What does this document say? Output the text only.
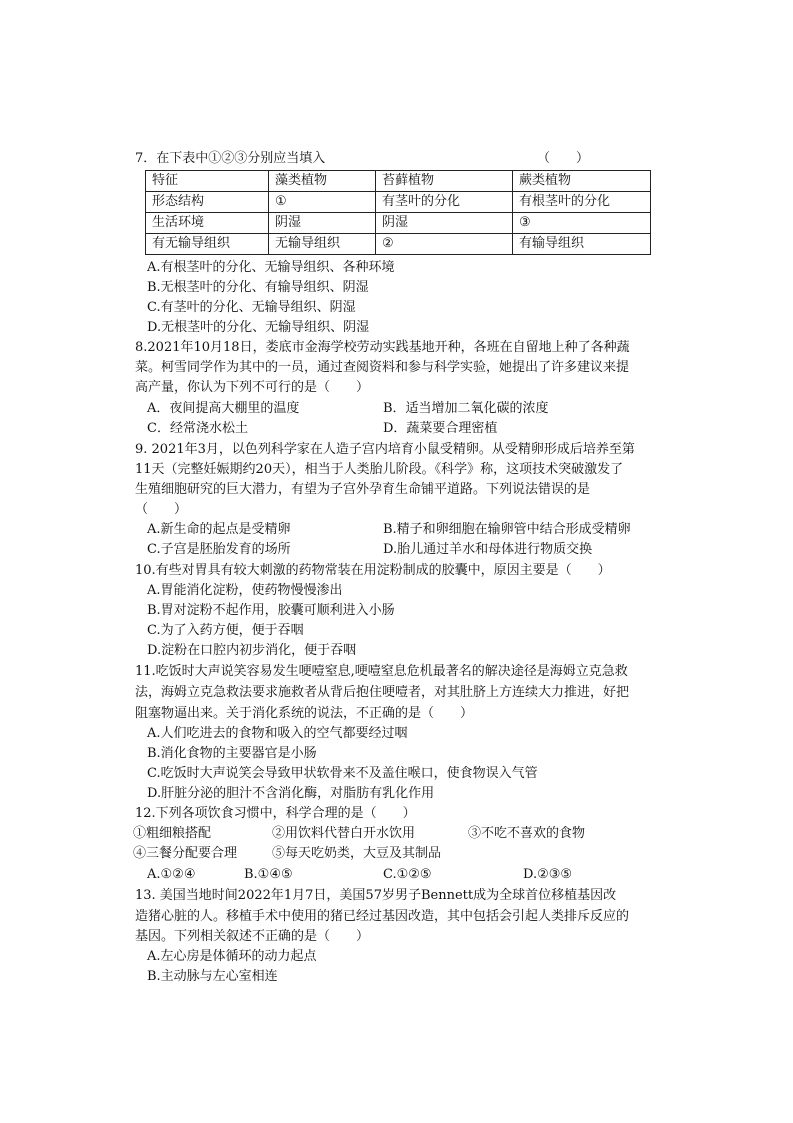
7．在下表中①②③分别应当填入	（　　）
特征	藻类植物	苔藓植物	蕨类植物
形态结构	①	有茎叶的分化	有根茎叶的分化
生活环境	阴湿	阴湿	③
有无输导组织	无输导组织	②	有输导组织
A.有根茎叶的分化、无输导组织、各种环境
B.无根茎叶的分化、有输导组织、阴湿
C.有茎叶的分化、无输导组织、阴湿
D.无根茎叶的分化、无输导组织、阴湿
8.2021年10月18日，娄底市金海学校劳动实践基地开种，各班在自留地上种了各种蔬
菜。柯雪同学作为其中的一员，通过查阅资料和参与科学实验，她提出了许多建议来提
高产量，你认为下列不可行的是（　　）
A．夜间提高大棚里的温度	B．适当增加二氧化碳的浓度
C．经常浇水松土	D．蔬菜要合理密植
9. 2021年3月，以色列科学家在人造子宫内培育小鼠受精卵。从受精卵形成后培养至第
11天（完整妊娠期约20天），相当于人类胎儿阶段。《科学》称，这项技术突破激发了
生殖细胞研究的巨大潜力，有望为子宫外孕育生命铺平道路。下列说法错误的是
（　　）
A.新生命的起点是受精卵	B.精子和卵细胞在输卵管中结合形成受精卵
C.子宫是胚胎发育的场所	D.胎儿通过羊水和母体进行物质交换
10.有些对胃具有较大刺激的药物常装在用淀粉制成的胶囊中，原因主要是（　　）
A.胃能消化淀粉，使药物慢慢渗出
B.胃对淀粉不起作用，胶囊可顺利进入小肠
C.为了入药方便，便于吞咽
D.淀粉在口腔内初步消化，便于吞咽
11.吃饭时大声说笑容易发生哽噎窒息,哽噎窒息危机最著名的解决途径是海姆立克急救
法，海姆立克急救法要求施救者从背后抱住哽噎者，对其肚脐上方连续大力推进，好把
阻塞物逼出来。关于消化系统的说法，不正确的是（　　）
A.人们吃进去的食物和吸入的空气都要经过咽
B.消化食物的主要器官是小肠
C.吃饭时大声说笑会导致甲状软骨来不及盖住喉口，使食物误入气管
D.肝脏分泌的胆汁不含消化酶，对脂肪有乳化作用
12.下列各项饮食习惯中，科学合理的是（　　）
①粗细粮搭配	②用饮料代替白开水饮用	③不吃不喜欢的食物
④三餐分配要合理	⑤每天吃奶类，大豆及其制品
A.①②④	B.①④⑤	C.①②⑤	D.②③⑤
13. 美国当地时间2022年1月7日，美国57岁男子Bennett成为全球首位移植基因改
造猪心脏的人。移植手术中使用的猪已经过基因改造，其中包括会引起人类排斥反应的
基因。下列相关叙述不正确的是（　　）
A.左心房是体循环的动力起点
B.主动脉与左心室相连
